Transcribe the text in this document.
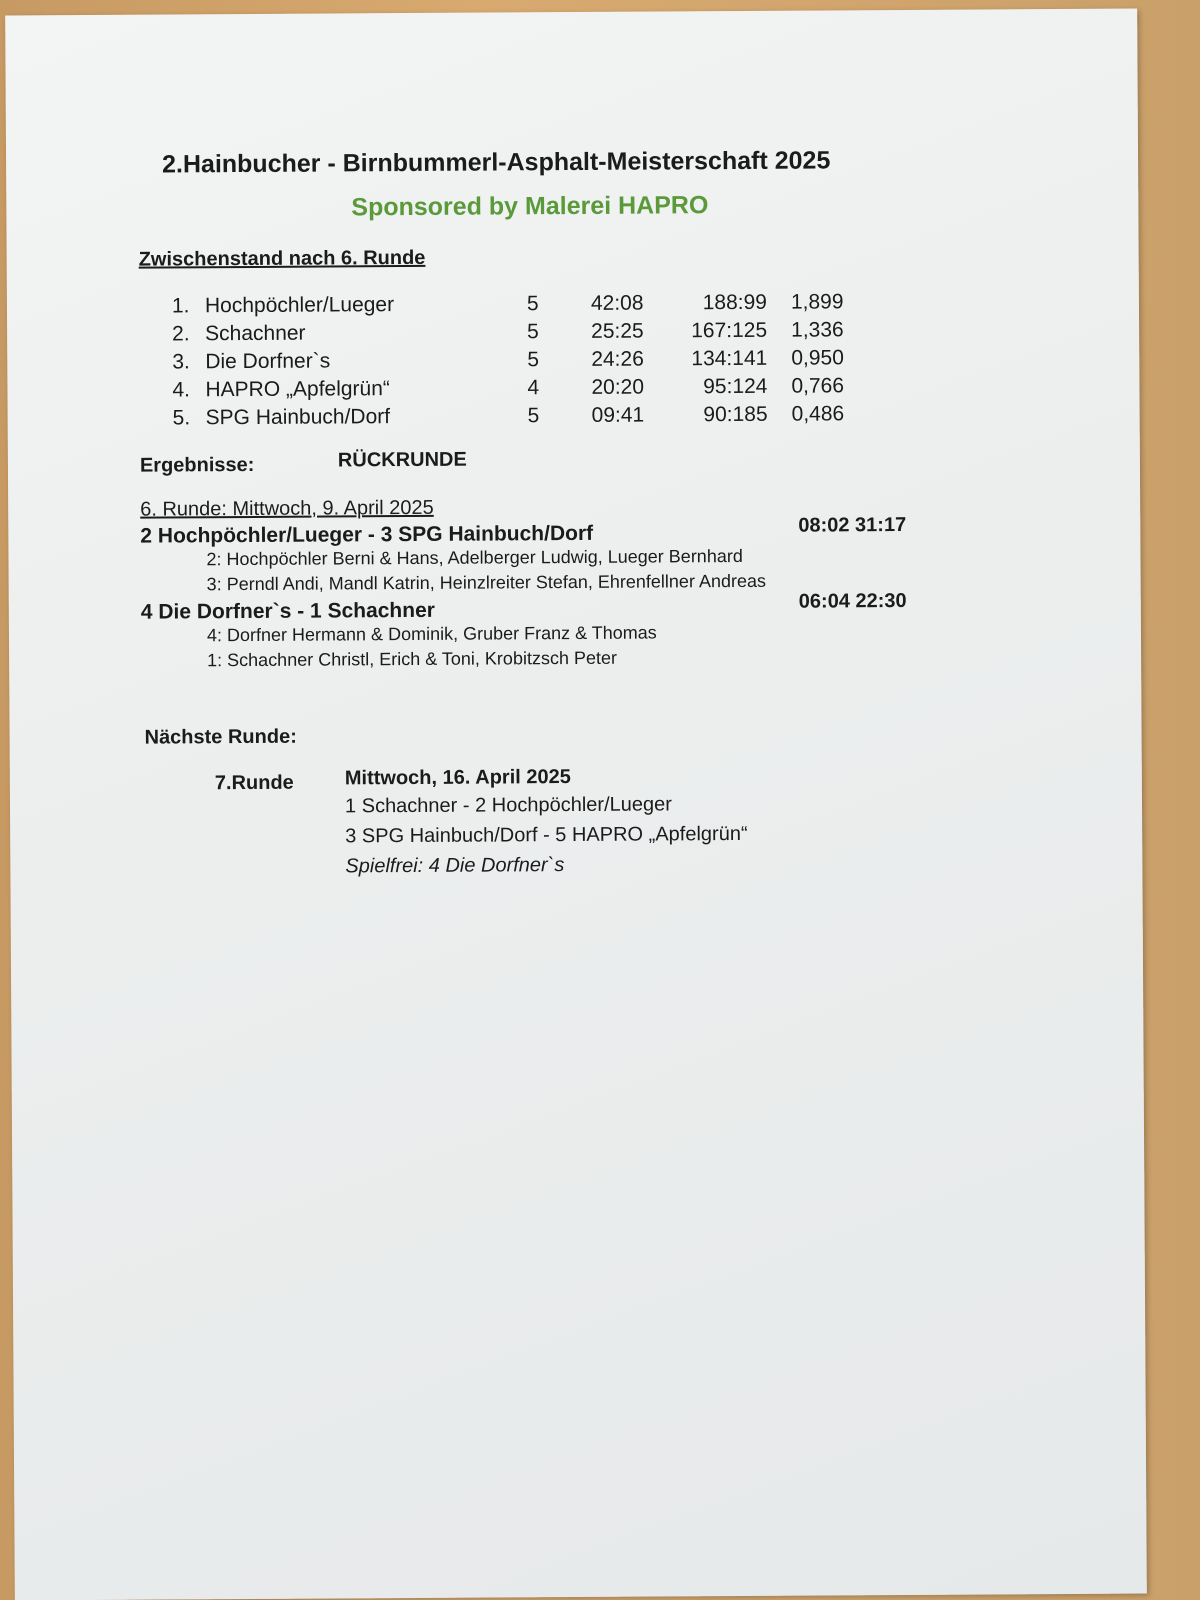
2.Hainbucher - Birnbummerl-Asphalt-Meisterschaft 2025
Sponsored by Malerei HAPRO
Zwischenstand nach 6. Runde
1. Hochpöchler/Lueger	5 42:08	188:99 1,899
2. Schachner	5 25:25	167:125 1,336
3. Die Dorfner`s	5 24:26	134:141 0,950
4. HAPRO „Apfelgrün“	4 20:20	95:124 0,766
5. SPG Hainbuch/Dorf	5 09:41	90:185 0,486
Ergebnisse:	RÜCKRUNDE
6. Runde: Mittwoch, 9. April 2025
2 Hochpöchler/Lueger - 3 SPG Hainbuch/Dorf	08:02 31:17
2: Hochpöchler Berni & Hans, Adelberger Ludwig, Lueger Bernhard
3: Perndl Andi, Mandl Katrin, Heinzlreiter Stefan, Ehrenfellner Andreas
4 Die Dorfner`s - 1 Schachner	06:04 22:30
4: Dorfner Hermann & Dominik, Gruber Franz & Thomas
1: Schachner Christl, Erich & Toni, Krobitzsch Peter
Nächste Runde:
7.Runde	Mittwoch, 16. April 2025
1 Schachner - 2 Hochpöchler/Lueger
3 SPG Hainbuch/Dorf - 5 HAPRO „Apfelgrün“
Spielfrei: 4 Die Dorfner`s
